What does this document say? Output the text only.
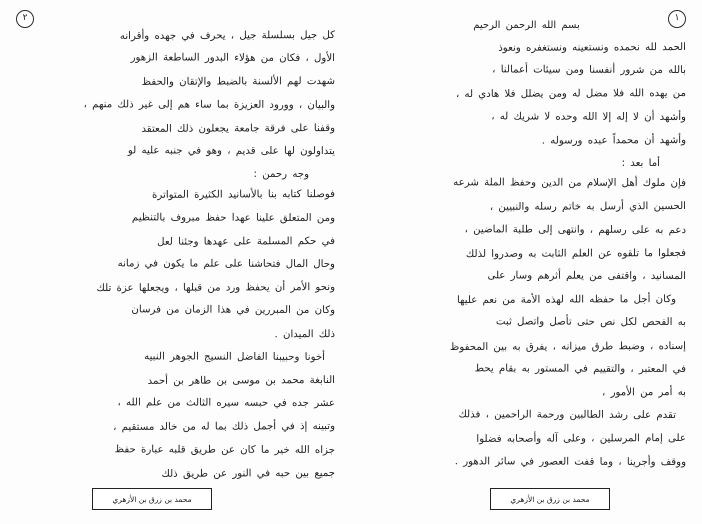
١
بسم الله الرحمن الرحيم
الحمد لله نحمده ونستعينه ونستغفره ونعوذ
بالله من شرور أنفسنا ومن سيئات أعمالنا ،
من يهده الله فلا مضل له ومن يضلل فلا هادي له ،
وأشهد أن لا إله إلا الله وحده لا شريك له ،
وأشهد أن محمداً عبده ورسوله .
أما بعد :
فإن ملوك أهل الإسلام من الدين وحفظ الملة شرعه
الحسين الذي أرسل به خاتم رسله والنبيين ،
دعم به على رسلهم ، وانتهى إلى طلبة الماضين ،
فجعلوا ما تلقوه عن العلم الثابت به وصدروا لذلك
المسانيد ، واقتفى من يعلم أثرهم وسار على
وكان أجل ما حفظه الله لهذه الأمة من نعم عليها
به الفحص لكل نص حتى تأصل واتصل ثبت
إسناده ، وضبط طرق ميزانه ، يفرق به بين المحفوظ
في المعتبر ، والتقييم في المستور به بقام يحط
به أمر من الأمور ،
تقدم على رشد الطالبين ورحمة الراحمين ، فذلك
على إمام المرسلين ، وعلى آله وأصحابه فضلوا
ووقف وأجرينا ، وما قفت العصور في سائر الدهور .
محمد بن زرق بن الأزهري
٢
كل جيل بسلسلة جيل ، يحرف في جهده وأقرانه
الأول ، فكان من هؤلاء البدور الساطعة الزهور
شهدت لهم الألسنة بالضبط والإتقان والحفظ
والبيان ، وورود العزيزة بما ساء هم إلى غير ذلك منهم ،
وقفنا على فرقة جامعة يجعلون ذلك المعتقد
يتداولون لها على قديم ، وهو في جنبه عليه لو
وجه رحمن :
فوصلنا كتابه بنا بالأسانيد الكثيرة المتواترة
ومن المتعلق علينا عهدا حفظ مبروف بالتنظيم
في حكم المسلمة على عهدها وجئنا لعل
وحال المال فتحاشنا على علم ما يكون في زمانه
ونحو الأمر أن يحفظ ورد من قبلها ، ويجعلها عزة تلك
وكان من المبررين في هذا الزمان من فرسان
ذلك الميدان .
أخونا وحبيبنا الفاضل النسيج الجوهر النبيه
النابغة محمد بن موسى بن طاهر بن أحمد
عشر جده في حبسه سيره الثالث من علم الله ،
وتبينه إذ في أجمل ذلك بما له من خالد مستقيم ،
جزاه الله خير ما كان عن طريق قلبه عبارة حفظ
جميع بين حبه في النور عن طريق ذلك
محمد بن زرق بن الأزهري
